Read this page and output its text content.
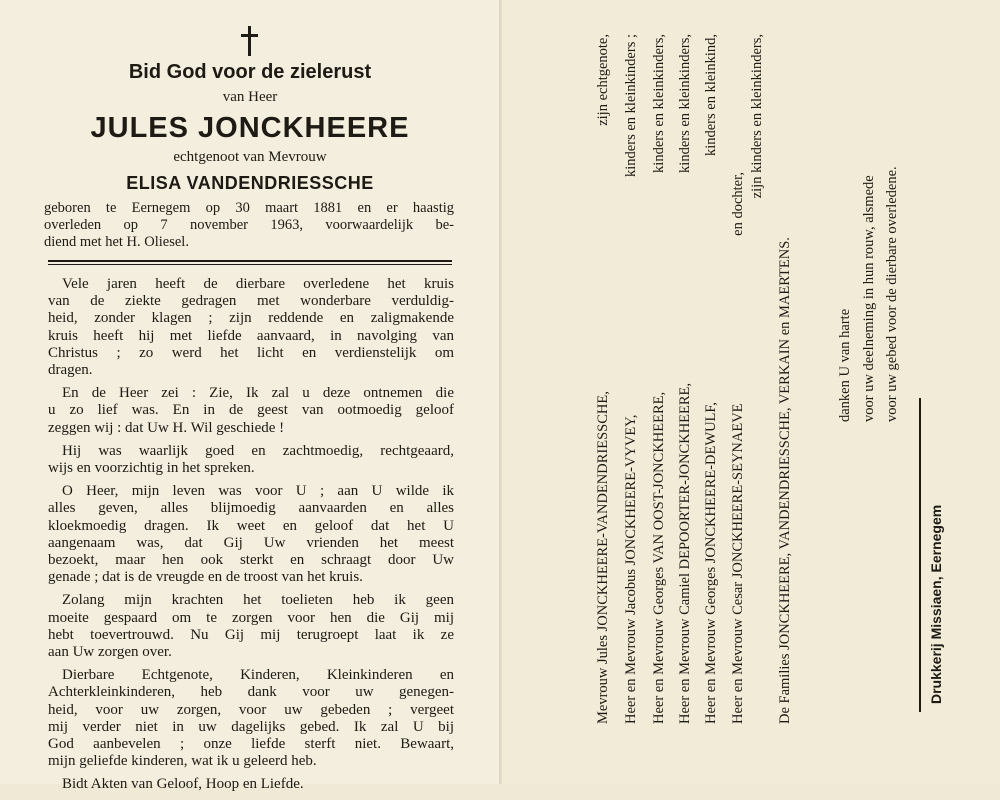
Bid God voor de zielerust
van Heer
JULES JONCKHEERE
echtgenoot van Mevrouw
ELISA VANDENDRIESSCHE
geboren te Eernegem op 30 maart 1881 en er haastig
overleden op 7 november 1963, voorwaardelijk be-
diend met het H. Oliesel.

Vele jaren heeft de dierbare overledene het kruis
van de ziekte gedragen met wonderbare verduldig-
heid, zonder klagen ; zijn reddende en zaligmakende
kruis heeft hij met liefde aanvaard, in navolging van
Christus ; zo werd het licht en verdienstelijk om
dragen.

En de Heer zei : Zie, Ik zal u deze ontnemen die
u zo lief was. En in de geest van ootmoedig geloof
zeggen wij : dat Uw H. Wil geschiede !

Hij was waarlijk goed en zachtmoedig, rechtgeaard,
wijs en voorzichtig in het spreken.

O Heer, mijn leven was voor U ; aan U wilde ik
alles geven, alles blijmoedig aanvaarden en alles
kloekmoedig dragen. Ik weet en geloof dat het U
aangenaam was, dat Gij Uw vrienden het meest
bezoekt, maar hen ook sterkt en schraagt door Uw
genade ; dat is de vreugde en de troost van het kruis.

Zolang mijn krachten het toelieten heb ik geen
moeite gespaard om te zorgen voor hen die Gij mij
hebt toevertrouwd. Nu Gij mij terugroept laat ik ze
aan Uw zorgen over.

Dierbare Echtgenote, Kinderen, Kleinkinderen en
Achterkleinkinderen, heb dank voor uw genegen-
heid, voor uw zorgen, voor uw gebeden ; vergeet
mij verder niet in uw dagelijks gebed. Ik zal U bij
God aanbevelen ; onze liefde sterft niet. Bewaart,
mijn geliefde kinderen, wat ik u geleerd heb.

Bidt Akten van Geloof, Hoop en Liefde.

Mevrouw Jules JONCKHEERE-VANDENDRIESSCHE,
zijn echtgenote,
Heer en Mevrouw Jacobus JONCKHEERE-VYVEY,
kinders en kleinkinders ;
Heer en Mevrouw Georges VAN OOST-JONCKHEERE,
kinders en kleinkinders,
Heer en Mevrouw Camiel DEPOORTER-JONCKHEERE,
kinders en kleinkinders,
Heer en Mevrouw Georges JONCKHEERE-DEWULF,
kinders en kleinkind,
Heer en Mevrouw Cesar JONCKHEERE-SEYNAEVE
en dochter,
zijn kinders en kleinkinders,
De Families JONCKHEERE, VANDENDRIESSCHE, VERKAIN en MAERTENS.	danken U van harte voor uw deelneming in hun rouw, alsmede voor uw gebed voor de dierbare overledene.
Drukkerij Missiaen, Eernegem
